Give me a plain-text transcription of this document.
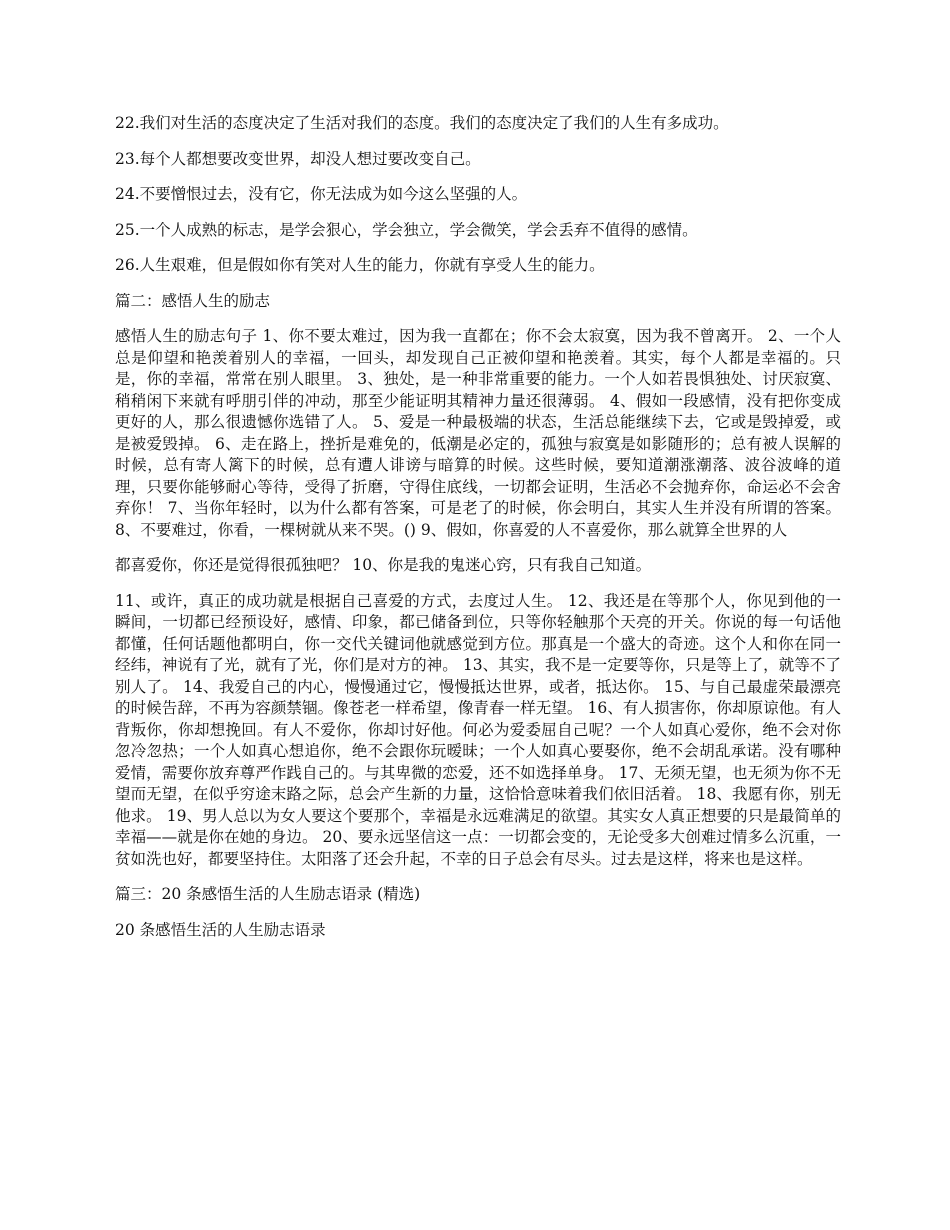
22.我们对生活的态度决定了生活对我们的态度。我们的态度决定了我们的人生有多成功。

23.每个人都想要改变世界，却没人想过要改变自己。

24.不要憎恨过去，没有它，你无法成为如今这么坚强的人。

25.一个人成熟的标志，是学会狠心，学会独立，学会微笑，学会丢弃不值得的感情。

26.人生艰难，但是假如你有笑对人生的能力，你就有享受人生的能力。

篇二：感悟人生的励志

感悟人生的励志句子 1、你不要太难过，因为我一直都在；你不会太寂寞，因为我不曾离开。 2、一个人总是仰望和艳羡着别人的幸福，一回头，却发现自己正被仰望和艳羡着。其实，每个人都是幸福的。只是，你的幸福，常常在别人眼里。 3、独处，是一种非常重要的能力。一个人如若畏惧独处、讨厌寂寞、稍稍闲下来就有呼朋引伴的冲动，那至少能证明其精神力量还很薄弱。 4、假如一段感情，没有把你变成更好的人，那么很遗憾你选错了人。 5、爱是一种最极端的状态，生活总能继续下去，它或是毁掉爱，或是被爱毁掉。 6、走在路上，挫折是难免的，低潮是必定的，孤独与寂寞是如影随形的；总有被人误解的时候，总有寄人篱下的时候，总有遭人诽谤与暗算的时候。这些时候，要知道潮涨潮落、波谷波峰的道理，只要你能够耐心等待，受得了折磨，守得住底线，一切都会证明，生活必不会抛弃你，命运必不会舍弃你！ 7、当你年轻时，以为什么都有答案，可是老了的时候，你会明白，其实人生并没有所谓的答案。 8、不要难过，你看，一棵树就从来不哭。() 9、假如，你喜爱的人不喜爱你，那么就算全世界的人

都喜爱你，你还是觉得很孤独吧？ 10、你是我的鬼迷心窍，只有我自己知道。

11、或许，真正的成功就是根据自己喜爱的方式，去度过人生。 12、我还是在等那个人，你见到他的一瞬间，一切都已经预设好，感情、印象，都已储备到位，只等你轻触那个天亮的开关。你说的每一句话他都懂，任何话题他都明白，你一交代关键词他就感觉到方位。那真是一个盛大的奇迹。这个人和你在同一经纬，神说有了光，就有了光，你们是对方的神。 13、其实，我不是一定要等你，只是等上了，就等不了别人了。 14、我爱自己的内心，慢慢通过它，慢慢抵达世界，或者，抵达你。 15、与自己最虚荣最漂亮的时候告辞，不再为容颜禁锢。像苍老一样希望，像青春一样无望。 16、有人损害你，你却原谅他。有人背叛你，你却想挽回。有人不爱你，你却讨好他。何必为爱委屈自己呢？一个人如真心爱你，绝不会对你忽冷忽热；一个人如真心想追你，绝不会跟你玩暧昧；一个人如真心要娶你，绝不会胡乱承诺。没有哪种爱情，需要你放弃尊严作践自己的。与其卑微的恋爱，还不如选择单身。 17、无须无望，也无须为你不无望而无望，在似乎穷途末路之际，总会产生新的力量，这恰恰意味着我们依旧活着。 18、我愿有你，别无他求。 19、男人总以为女人要这个要那个，幸福是永远难满足的欲望。其实女人真正想要的只是最简单的幸福——就是你在她的身边。 20、要永远坚信这一点：一切都会变的，无论受多大创难过情多么沉重，一贫如洗也好，都要坚持住。太阳落了还会升起，不幸的日子总会有尽头。过去是这样，将来也是这样。

篇三：20 条感悟生活的人生励志语录 (精选)

20 条感悟生活的人生励志语录
